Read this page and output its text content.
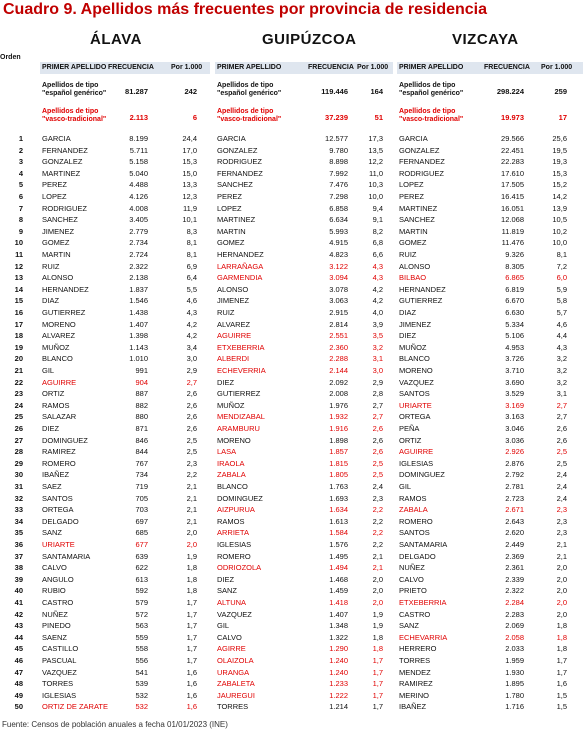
Cuadro 9. Apellidos más frecuentes por provincia de residencia
Orden
ÁLAVA	GUIPÚZCOA	VIZCAYA
PRIMER APELLIDO FRECUENCIA Por 1.000
Apellidos de tipo "español genérico"	81.287	242
Apellidos de tipo "vasco-tradicional"	2.113	6
PRIMER APELLIDO	FRECUENCIA Por 1.000
Apellidos de tipo "español genérico"	119.446	164
Apellidos de tipo "vasco-tradicional"	37.239	51
PRIMER APELLIDO	FRECUENCIA Por 1.000
Apellidos de tipo "español genérico"	298.224	259
Apellidos de tipo "vasco-tradicional"	19.973	17
1	GARCIA	8.199	24,4	GARCIA	12.577	17,3 GARCIA	29.566	25,6
2	FERNANDEZ	5.711	17,0	GONZALEZ	9.780	13,5 GONZALEZ	22.451	19,5
3	GONZALEZ	5.158	15,3	RODRIGUEZ	8.898	12,2 FERNANDEZ	22.283	19,3
4	MARTINEZ	5.040	15,0	FERNANDEZ	7.992	11,0 RODRIGUEZ	17.610	15,3
5	PEREZ	4.488	13,3	SANCHEZ	7.476	10,3 LOPEZ	17.505	15,2
6	LOPEZ	4.126	12,3	PEREZ	7.298	10,0 PEREZ	16.415	14,2
7	RODRIGUEZ	4.008	11,9	LOPEZ	6.858	9,4 MARTINEZ	16.051	13,9
8	SANCHEZ	3.405	10,1	MARTINEZ	6.634	9,1 SANCHEZ	12.068	10,5
9	JIMENEZ	2.779	8,3	MARTIN	5.993	8,2 MARTIN	11.819	10,2
10	GOMEZ	2.734	8,1	GOMEZ	4.915	6,8 GOMEZ	11.476	10,0
11	MARTIN	2.724	8,1	HERNANDEZ	4.823	6,6 RUIZ	9.326	8,1
12	RUIZ	2.322	6,9	LARRAÑAGA	3.122	4,3 ALONSO	8.305	7,2
13	ALONSO	2.138	6,4	GARMENDIA	3.094	4,3 BILBAO	6.865	6,0
14	HERNANDEZ	1.837	5,5	ALONSO	3.078	4,2 HERNANDEZ	6.819	5,9
15	DIAZ	1.546	4,6	JIMENEZ	3.063	4,2 GUTIERREZ	6.670	5,8
16	GUTIERREZ	1.438	4,3	RUIZ	2.915	4,0 DIAZ	6.630	5,7
17	MORENO	1.407	4,2	ALVAREZ	2.814	3,9 JIMENEZ	5.334	4,6
18	ALVAREZ	1.398	4,2	AGUIRRE	2.551	3,5 DIEZ	5.106	4,4
19	MUÑOZ	1.143	3,4	ETXEBERRIA	2.360	3,2 MUÑOZ	4.953	4,3
20	BLANCO	1.010	3,0	ALBERDI	2.288	3,1 BLANCO	3.726	3,2
21	GIL	991	2,9	ECHEVERRIA	2.144	3,0 MORENO	3.710	3,2
22	AGUIRRE	904	2,7	DIEZ	2.092	2,9 VAZQUEZ	3.690	3,2
23	ORTIZ	887	2,6	GUTIERREZ	2.008	2,8 SANTOS	3.529	3,1
24	RAMOS	882	2,6	MUÑOZ	1.976	2,7 URIARTE	3.169	2,7
25	SALAZAR	880	2,6	MENDIZABAL	1.932	2,7 ORTEGA	3.163	2,7
26	DIEZ	871	2,6	ARAMBURU	1.916	2,6 PEÑA	3.046	2,6
27	DOMINGUEZ	846	2,5	MORENO	1.898	2,6 ORTIZ	3.036	2,6
28	RAMIREZ	844	2,5	LASA	1.857	2,6 AGUIRRE	2.926	2,5
29	ROMERO	767	2,3	IRAOLA	1.815	2,5 IGLESIAS	2.876	2,5
30	IBAÑEZ	734	2,2	ZABALA	1.805	2,5 DOMINGUEZ	2.792	2,4
31	SAEZ	719	2,1	BLANCO	1.763	2,4 GIL	2.781	2,4
32	SANTOS	705	2,1	DOMINGUEZ	1.693	2,3 RAMOS	2.723	2,4
33	ORTEGA	703	2,1	AIZPURUA	1.634	2,2 ZABALA	2.671	2,3
34	DELGADO	697	2,1	RAMOS	1.613	2,2 ROMERO	2.643	2,3
35	SANZ	685	2,0	ARRIETA	1.584	2,2 SANTOS	2.620	2,3
36	URIARTE	677	2,0	IGLESIAS	1.576	2,2 SANTAMARIA	2.449	2,1
37	SANTAMARIA	639	1,9	ROMERO	1.495	2,1 DELGADO	2.369	2,1
38	CALVO	622	1,8	ODRIOZOLA	1.494	2,1 NUÑEZ	2.361	2,0
39	ANGULO	613	1,8	DIEZ	1.468	2,0 CALVO	2.339	2,0
40	RUBIO	592	1,8	SANZ	1.459	2,0 PRIETO	2.322	2,0
41	CASTRO	579	1,7	ALTUNA	1.418	2,0 ETXEBERRIA	2.284	2,0
42	NUÑEZ	572	1,7	VAZQUEZ	1.407	1,9 CASTRO	2.283	2,0
43	PINEDO	563	1,7	GIL	1.348	1,9 SANZ	2.069	1,8
44	SAENZ	559	1,7	CALVO	1.322	1,8 ECHEVARRIA	2.058	1,8
45	CASTILLO	558	1,7	AGIRRE	1.290	1,8 HERRERO	2.033	1,8
46	PASCUAL	556	1,7	OLAIZOLA	1.240	1,7 TORRES	1.959	1,7
47	VAZQUEZ	541	1,6	URANGA	1.240	1,7 MENDEZ	1.930	1,7
48	TORRES	539	1,6	ZABALETA	1.233	1,7 RAMIREZ	1.895	1,6
49	IGLESIAS	532	1,6	JAUREGUI	1.222	1,7 MERINO	1.780	1,5
50	ORTIZ DE ZARATE	532	1,6	TORRES	1.214	1,7 IBAÑEZ	1.716	1,5
Fuente: Censos de población anuales a fecha 01/01/2023 (INE)
